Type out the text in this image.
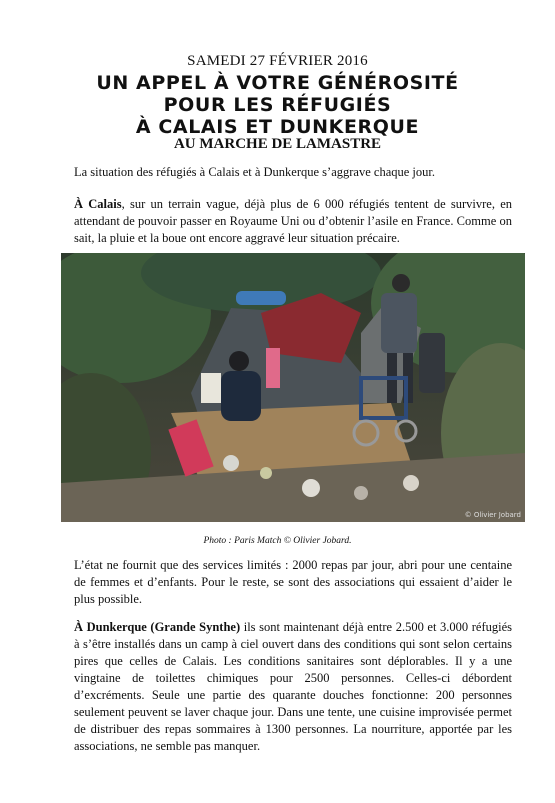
SAMEDI 27 FÉVRIER 2016
UN APPEL À VOTRE GÉNÉROSITÉ
POUR LES RÉFUGIÉS
À CALAIS ET DUNKERQUE
AU MARCHE DE LAMASTRE
La situation des réfugiés à Calais et à Dunkerque s’aggrave chaque jour.
À Calais, sur un terrain vague, déjà plus de 6 000 réfugiés tentent de survivre, en attendant de pouvoir passer en Royaume Uni ou d’obtenir l’asile en France. Comme on sait, la pluie et la boue ont encore aggravé leur situation précaire.
© Olivier Jobard
Photo : Paris Match © Olivier Jobard.
L’état ne fournit que des services limités : 2000 repas par jour, abri pour une centaine de femmes et d’enfants. Pour le reste, se sont des associations qui essaient d’aider le plus possible.
À Dunkerque (Grande Synthe) ils sont maintenant déjà entre 2.500 et 3.000 réfugiés à s’être installés dans un camp à ciel ouvert dans des conditions qui sont selon certains pires que celles de Calais. Les conditions sanitaires sont déplorables. Il y a une vingtaine de toilettes chimiques pour 2500 personnes. Celles-ci débordent d’excréments. Seule une partie des quarante douches fonctionne: 200 personnes seulement peuvent se laver chaque jour. Dans une tente, une cuisine improvisée permet de distribuer des repas sommaires à 1300 personnes. La nourriture, apportée par les associations, ne semble pas manquer.
